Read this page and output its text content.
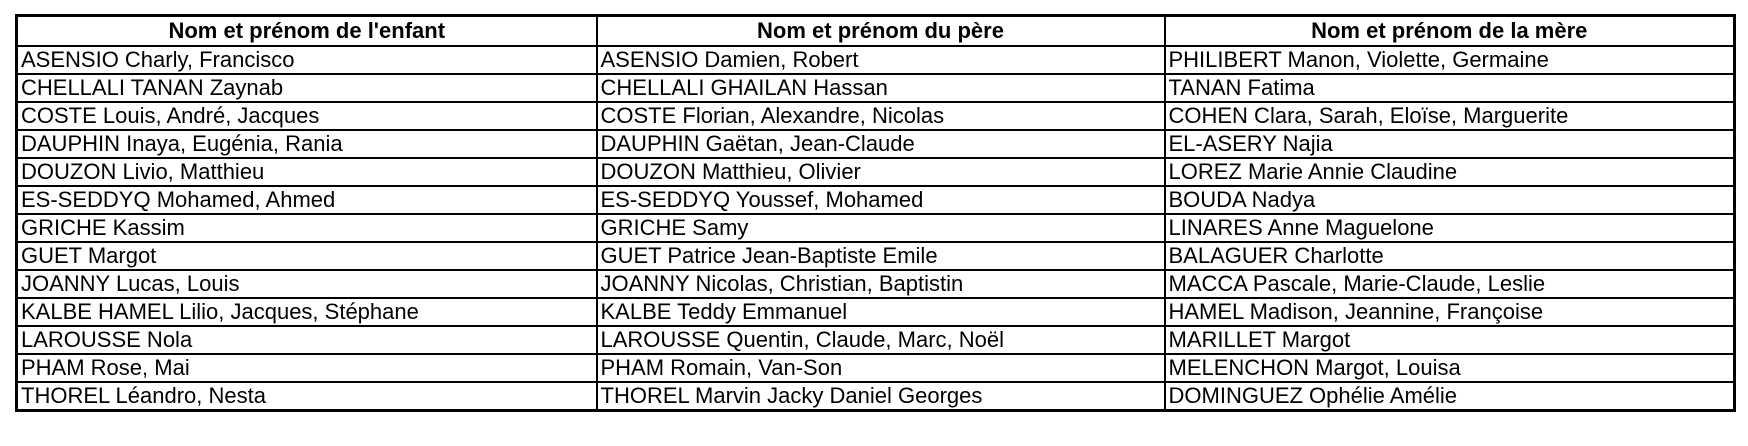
Nom et prénom de l'enfant	Nom et prénom du père	Nom et prénom de la mère
ASENSIO Charly, Francisco	ASENSIO Damien, Robert	PHILIBERT Manon, Violette, Germaine
CHELLALI TANAN Zaynab	CHELLALI GHAILAN Hassan	TANAN Fatima
COSTE Louis, André, Jacques	COSTE Florian, Alexandre, Nicolas	COHEN Clara, Sarah, Eloïse, Marguerite
DAUPHIN Inaya, Eugénia, Rania	DAUPHIN Gaëtan, Jean-Claude	EL-ASERY Najia
DOUZON Livio, Matthieu	DOUZON Matthieu, Olivier	LOREZ Marie Annie Claudine
ES-SEDDYQ Mohamed, Ahmed	ES-SEDDYQ Youssef, Mohamed	BOUDA Nadya
GRICHE Kassim	GRICHE Samy	LINARES Anne Maguelone
GUET Margot	GUET Patrice Jean-Baptiste Emile	BALAGUER Charlotte
JOANNY Lucas, Louis	JOANNY Nicolas, Christian, Baptistin	MACCA Pascale, Marie-Claude, Leslie
KALBE HAMEL Lilio, Jacques, Stéphane	KALBE Teddy Emmanuel	HAMEL Madison, Jeannine, Françoise
LAROUSSE Nola	LAROUSSE Quentin, Claude, Marc, Noël	MARILLET Margot
PHAM Rose, Mai	PHAM Romain, Van-Son	MELENCHON Margot, Louisa
THOREL Léandro, Nesta	THOREL Marvin Jacky Daniel Georges	DOMINGUEZ Ophélie Amélie
